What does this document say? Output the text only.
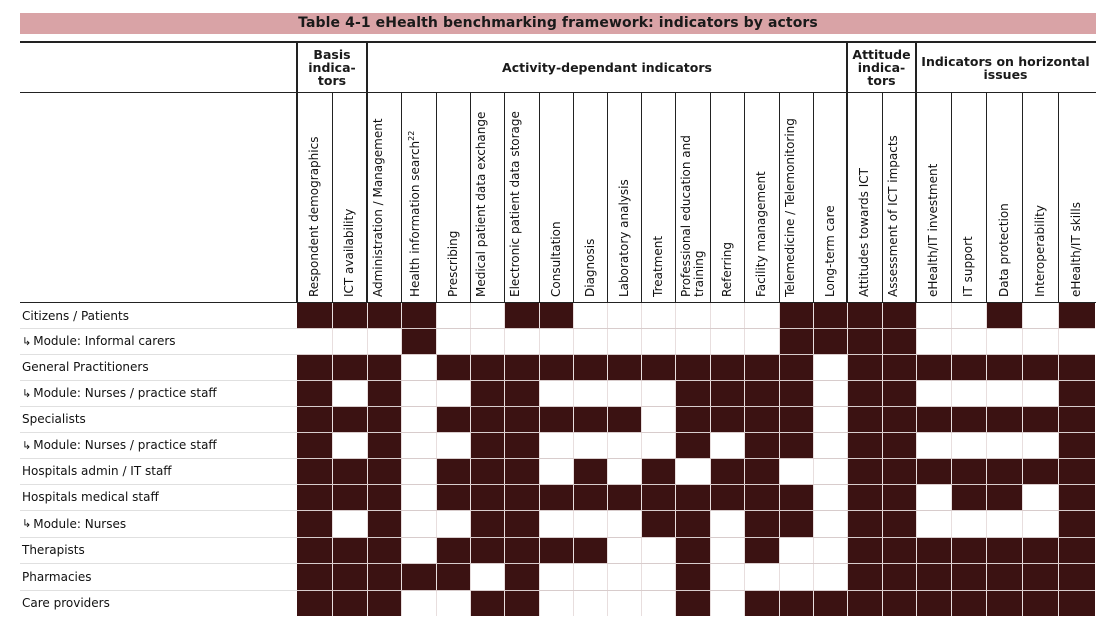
Table 4-1 eHealth benchmarking framework: indicators by actors
Basis
indica-
tors
Activity-dependant indicators
Attitude
indica-
tors
Indicators on horizontal
issues
Respondent demographics ICT availability Administration / Management Health information search$^{22}$
Prescribing Medical patient data exchange Electronic patient data storage Consultation Diagnosis Laboratory analysis Treatment Professional education and training Referring Facility management Telemedicine / Telemonitoring Long-term care Attitudes towards ICT Assessment of ICT impacts eHealth/IT investment IT support Data protection Interoperability eHealth/IT skills
Citizens / Patients
↳ Module: Informal carers
General Practitioners
↳ Module: Nurses / practice staff
Specialists
↳ Module: Nurses / practice staff
Hospitals admin / IT staff
Hospitals medical staff
↳ Module: Nurses
Therapists
Pharmacies
Care providers
